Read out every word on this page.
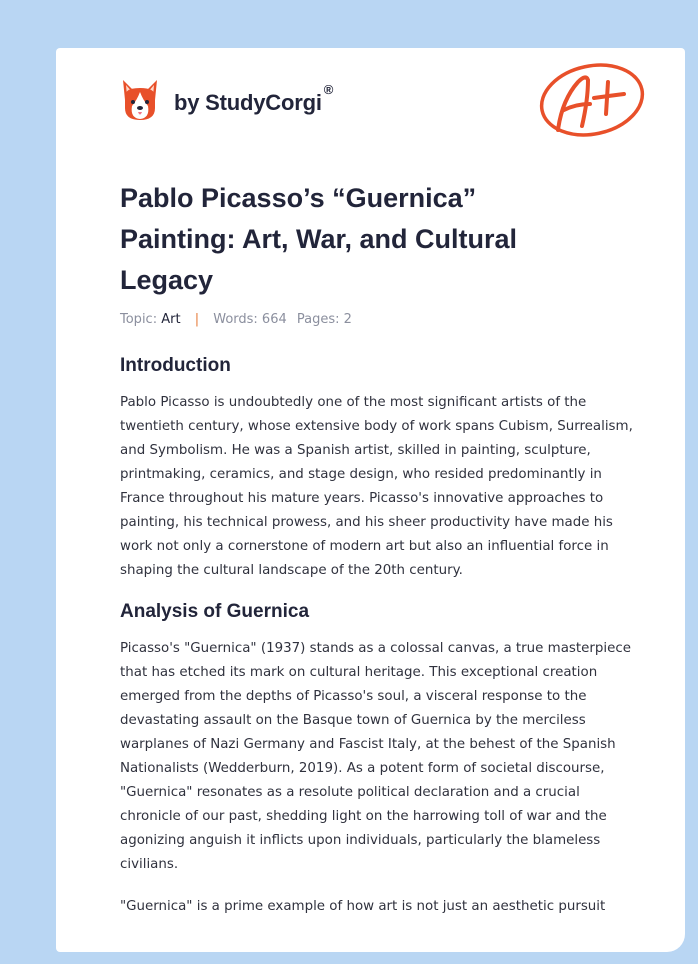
by StudyCorgi®
Pablo Picasso’s “Guernica” Painting: Art, War, and Cultural Legacy
Topic: Art | Words: 664 Pages: 2
Introduction

Pablo Picasso is undoubtedly one of the most significant artists of the twentieth century, whose extensive body of work spans Cubism, Surrealism, and Symbolism. He was a Spanish artist, skilled in painting, sculpture, printmaking, ceramics, and stage design, who resided predominantly in France throughout his mature years. Picasso's innovative approaches to painting, his technical prowess, and his sheer productivity have made his work not only a cornerstone of modern art but also an influential force in shaping the cultural landscape of the 20th century.

Analysis of Guernica

Picasso's "Guernica" (1937) stands as a colossal canvas, a true masterpiece that has etched its mark on cultural heritage. This exceptional creation emerged from the depths of Picasso's soul, a visceral response to the devastating assault on the Basque town of Guernica by the merciless warplanes of Nazi Germany and Fascist Italy, at the behest of the Spanish Nationalists (Wedderburn, 2019). As a potent form of societal discourse, "Guernica" resonates as a resolute political declaration and a crucial chronicle of our past, shedding light on the harrowing toll of war and the agonizing anguish it inflicts upon individuals, particularly the blameless civilians.

"Guernica" is a prime example of how art is not just an aesthetic pursuit
